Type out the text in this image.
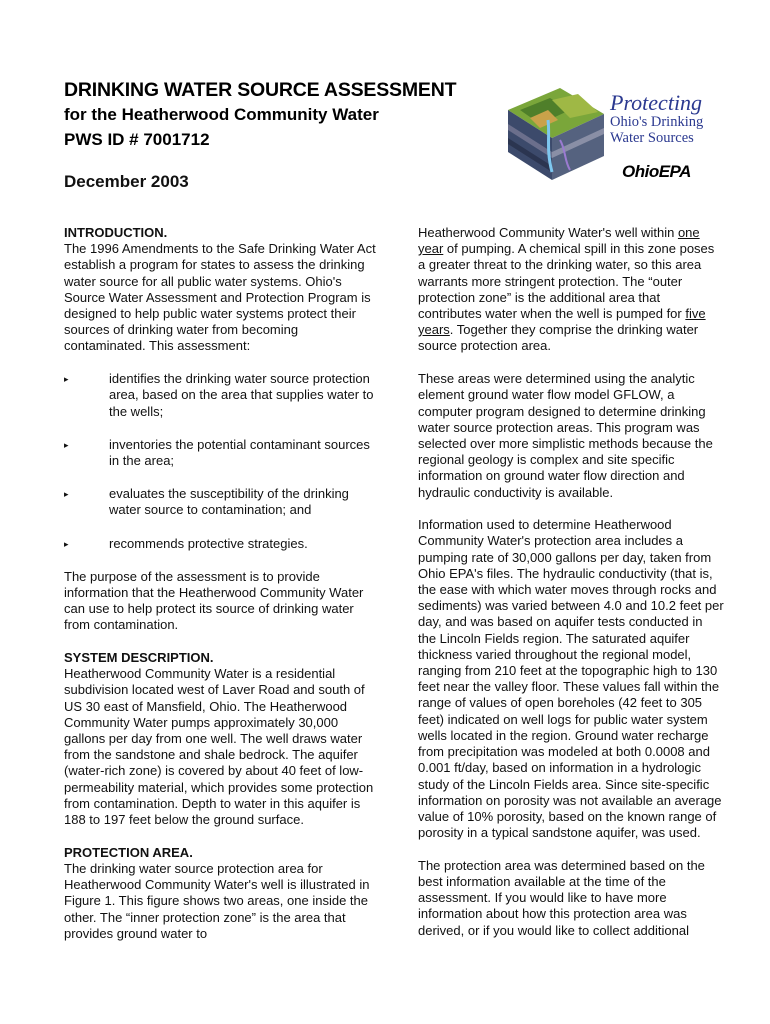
DRINKING WATER SOURCE ASSESSMENT
for the Heatherwood Community Water
PWS ID # 7001712
December 2003
Protecting
Ohio's Drinking
Water Sources
OhioEPA
INTRODUCTION.

The 1996 Amendments to the Safe Drinking Water Act establish a program for states to assess the drinking water source for all public water systems. Ohio's Source Water Assessment and Protection Program is designed to help public water systems protect their sources of drinking water from becoming contaminated. This assessment:

▸	identifies the drinking water source protection area, based on the area that supplies water to the wells;
▸	inventories the potential contaminant sources in the area;
▸	evaluates the susceptibility of the drinking water source to contamination; and
▸	recommends protective strategies.

The purpose of the assessment is to provide information that the Heatherwood Community Water can use to help protect its source of drinking water from contamination.

SYSTEM DESCRIPTION.

Heatherwood Community Water is a residential subdivision located west of Laver Road and south of US 30 east of Mansfield, Ohio. The Heatherwood Community Water pumps approximately 30,000 gallons per day from one well. The well draws water from the sandstone and shale bedrock. The aquifer (water-rich zone) is covered by about 40 feet of low-permeability material, which provides some protection from contamination. Depth to water in this aquifer is 188 to 197 feet below the ground surface.

PROTECTION AREA.

The drinking water source protection area for Heatherwood Community Water's well is illustrated in Figure 1. This figure shows two areas, one inside the other. The “inner protection zone” is the area that provides ground water to

Heatherwood Community Water's well within one year of pumping. A chemical spill in this zone poses a greater threat to the drinking water, so this area warrants more stringent protection. The “outer protection zone” is the additional area that contributes water when the well is pumped for five years. Together they comprise the drinking water source protection area.

These areas were determined using the analytic element ground water flow model GFLOW, a computer program designed to determine drinking water source protection areas. This program was selected over more simplistic methods because the regional geology is complex and site specific information on ground water flow direction and hydraulic conductivity is available.

Information used to determine Heatherwood Community Water's protection area includes a pumping rate of 30,000 gallons per day, taken from Ohio EPA's files. The hydraulic conductivity (that is, the ease with which water moves through rocks and sediments) was varied between 4.0 and 10.2 feet per day, and was based on aquifer tests conducted in the Lincoln Fields region. The saturated aquifer thickness varied throughout the regional model, ranging from 210 feet at the topographic high to 130 feet near the valley floor. These values fall within the range of values of open boreholes (42 feet to 305 feet) indicated on well logs for public water system wells located in the region. Ground water recharge from precipitation was modeled at both 0.0008 and 0.001 ft/day, based on information in a hydrologic study of the Lincoln Fields area. Since site-specific information on porosity was not available an average value of 10% porosity, based on the known range of porosity in a typical sandstone aquifer, was used.

The protection area was determined based on the best information available at the time of the assessment. If you would like to have more information about how this protection area was derived, or if you would like to collect additional
